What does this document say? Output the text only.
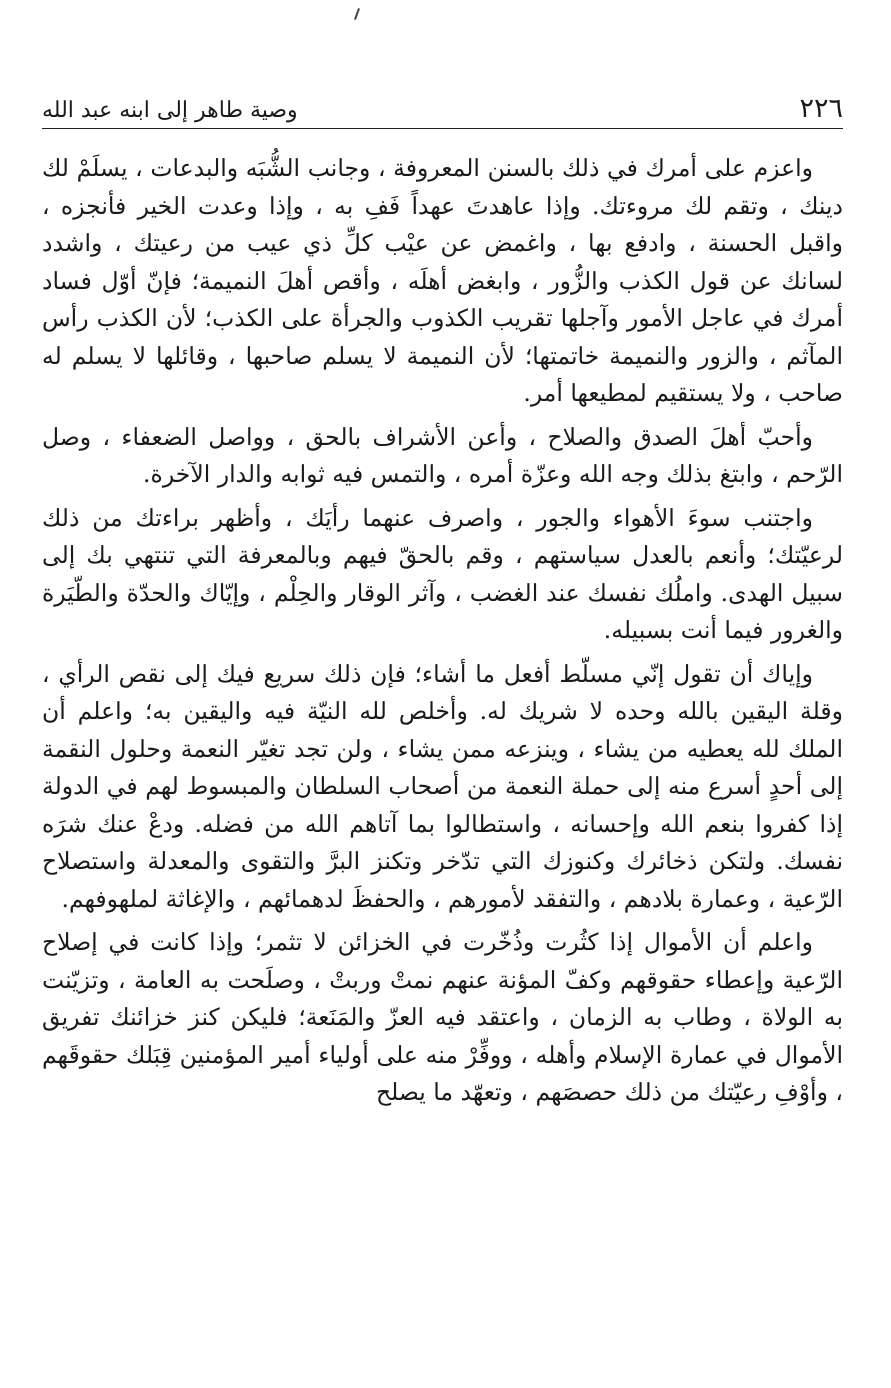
٢٢٦
وصية طاهر إلى ابنه عبد الله

واعزم على أمرك في ذلك بالسنن المعروفة ، وجانب الشُّبَه والبدعات ، يسلَمْ لك دينك ، وتقم لك مروءتك. وإذا عاهدتَ عهداً فَفِ به ، وإذا وعدت الخير فأنجزه ، واقبل الحسنة ، وادفع بها ، واغمض عن عيْب كلِّ ذي عيب من رعيتك ، واشدد لسانك عن قول الكذب والزُّور ، وابغض أهلَه ، وأقص أهلَ النميمة؛ فإنّ أوّل فساد أمرك في عاجل الأمور وآجلها تقريب الكذوب والجرأة على الكذب؛ لأن الكذب رأس المآثم ، والزور والنميمة خاتمتها؛ لأن النميمة لا يسلم صاحبها ، وقائلها لا يسلم له صاحب ، ولا يستقيم لمطيعها أمر.

وأحبّ أهلَ الصدق والصلاح ، وأعن الأشراف بالحق ، وواصل الضعفاء ، وصل الرّحم ، وابتغ بذلك وجه الله وعزّة أمره ، والتمس فيه ثوابه والدار الآخرة.

واجتنب سوءَ الأهواء والجور ، واصرف عنهما رأيَك ، وأظهر براءتك من ذلك لرعيّتك؛ وأنعم بالعدل سياستهم ، وقم بالحقّ فيهم وبالمعرفة التي تنتهي بك إلى سبيل الهدى. واملُك نفسك عند الغضب ، وآثر الوقار والحِلْم ، وإيّاك والحدّة والطّيَرة والغرور فيما أنت بسبيله.

وإياك أن تقول إنّي مسلّط أفعل ما أشاء؛ فإن ذلك سريع فيك إلى نقص الرأي ، وقلة اليقين بالله وحده لا شريك له. وأخلص لله النيّة فيه واليقين به؛ واعلم أن الملك لله يعطيه من يشاء ، وينزعه ممن يشاء ، ولن تجد تغيّر النعمة وحلول النقمة إلى أحدٍ أسرع منه إلى حملة النعمة من أصحاب السلطان والمبسوط لهم في الدولة إذا كفروا بنعم الله وإحسانه ، واستطالوا بما آتاهم الله من فضله. ودعْ عنك شرَه نفسك. ولتكن ذخائرك وكنوزك التي تدّخر وتكنز البرَّ والتقوى والمعدلة واستصلاح الرّعية ، وعمارة بلادهم ، والتفقد لأمورهم ، والحفظَ لدهمائهم ، والإغاثة لملهوفهم.

واعلم أن الأموال إذا كثُرت وذُخّرت في الخزائن لا تثمر؛ وإذا كانت في إصلاح الرّعية وإعطاء حقوقهم وكفّ المؤنة عنهم نمتْ وربتْ ، وصلَحت به العامة ، وتزيّنت به الولاة ، وطاب به الزمان ، واعتقد فيه العزّ والمَنَعة؛ فليكن كنز خزائنك تفريق الأموال في عمارة الإسلام وأهله ، ووفِّرْ منه على أولياء أمير المؤمنين قِبَلك حقوقَهم ، وأوْفِ رعيّتك من ذلك حصصَهم ، وتعهّد ما يصلح
